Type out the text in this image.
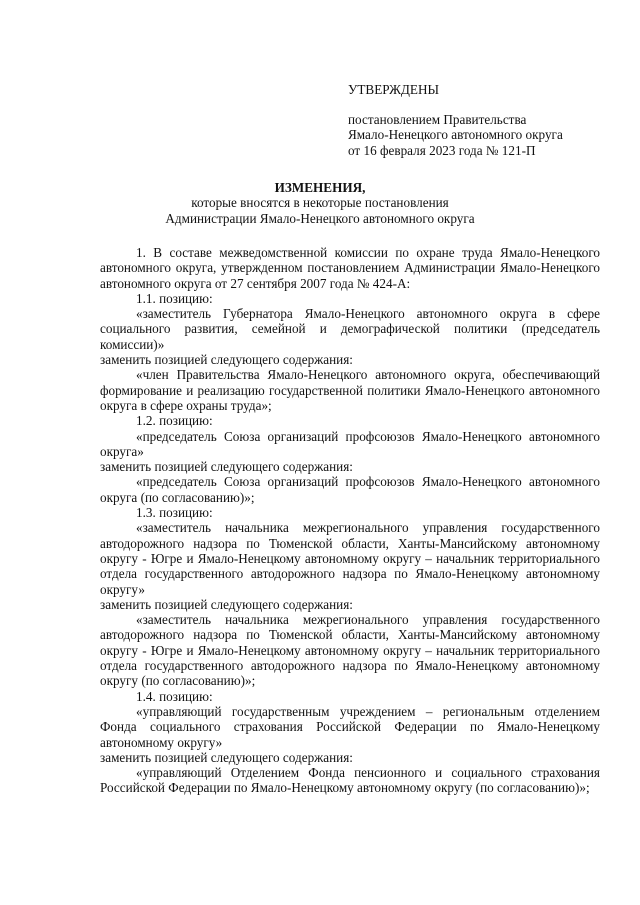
УТВЕРЖДЕНЫ
постановлением Правительства
Ямало-Ненецкого автономного округа
от 16 февраля 2023 года № 121-П
ИЗМЕНЕНИЯ,
которые вносятся в некоторые постановления
Администрации Ямало-Ненецкого автономного округа

1. В составе межведомственной комиссии по охране труда Ямало-Ненецкого автономного округа, утвержденном постановлением Администрации Ямало-Ненецкого автономного округа от 27 сентября 2007 года № 424-А:

1.1. позицию:

«заместитель Губернатора Ямало-Ненецкого автономного округа в сфере социального развития, семейной и демографической политики (председатель комиссии)»

заменить позицией следующего содержания:

«член Правительства Ямало-Ненецкого автономного округа, обеспечивающий формирование и реализацию государственной политики Ямало-Ненецкого автономного округа в сфере охраны труда»;

1.2. позицию:

«председатель Союза организаций профсоюзов Ямало-Ненецкого автономного округа»

заменить позицией следующего содержания:

«председатель Союза организаций профсоюзов Ямало-Ненецкого автономного округа (по согласованию)»;

1.3. позицию:

«заместитель начальника межрегионального управления государственного автодорожного надзора по Тюменской области, Ханты-Мансийскому автономному округу - Югре и Ямало-Ненецкому автономному округу – начальник территориального отдела государственного автодорожного надзора по Ямало-Ненецкому автономному округу»

заменить позицией следующего содержания:

«заместитель начальника межрегионального управления государственного автодорожного надзора по Тюменской области, Ханты-Мансийскому автономному округу - Югре и Ямало-Ненецкому автономному округу – начальник территориального отдела государственного автодорожного надзора по Ямало-Ненецкому автономному округу (по согласованию)»;

1.4. позицию:

«управляющий государственным учреждением – региональным отделением Фонда социального страхования Российской Федерации по Ямало-Ненецкому автономному округу»

заменить позицией следующего содержания:

«управляющий Отделением Фонда пенсионного и социального страхования Российской Федерации по Ямало-Ненецкому автономному округу (по согласованию)»;
